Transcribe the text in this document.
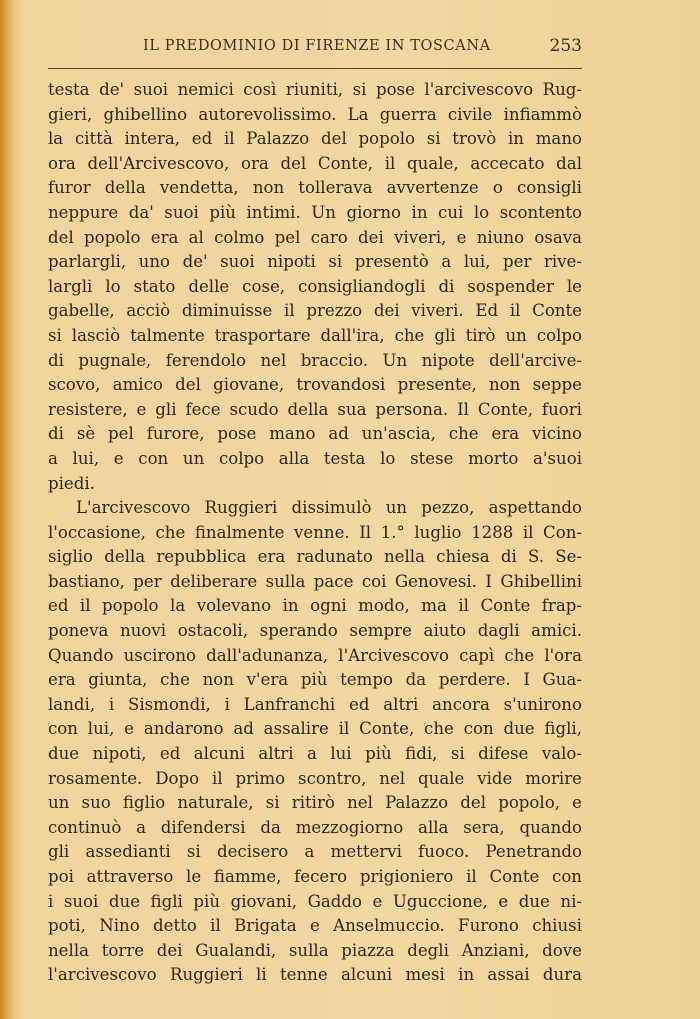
IL PREDOMINIO DI FIRENZE IN TOSCANA	253
testa de' suoi nemici così riuniti, si pose l'arcivescovo Rug-
gieri, ghibellino autorevolissimo. La guerra civile infiammò
la città intera, ed il Palazzo del popolo si trovò in mano
ora dell'Arcivescovo, ora del Conte, il quale, accecato dal
furor della vendetta, non tollerava avvertenze o consigli
neppure da' suoi più intimi. Un giorno in cui lo scontento
del popolo era al colmo pel caro dei viveri, e niuno osava
parlargli, uno de' suoi nipoti si presentò a lui, per rive-
largli lo stato delle cose, consigliandogli di sospender le
gabelle, acciò diminuisse il prezzo dei viveri. Ed il Conte
si lasciò talmente trasportare dall'ira, che gli tirò un colpo
di pugnale, ferendolo nel braccio. Un nipote dell'arcive-
scovo, amico del giovane, trovandosi presente, non seppe
resistere, e gli fece scudo della sua persona. Il Conte, fuori
di sè pel furore, pose mano ad un'ascia, che era vicino
a lui, e con un colpo alla testa lo stese morto a'suoi
piedi.
L'arcivescovo Ruggieri dissimulò un pezzo, aspettando
l'occasione, che finalmente venne. Il 1.° luglio 1288 il Con-
siglio della repubblica era radunato nella chiesa di S. Se-
bastiano, per deliberare sulla pace coi Genovesi. I Ghibellini
ed il popolo la volevano in ogni modo, ma il Conte frap-
poneva nuovi ostacoli, sperando sempre aiuto dagli amici.
Quando uscirono dall'adunanza, l'Arcivescovo capì che l'ora
era giunta, che non v'era più tempo da perdere. I Gua-
landi, i Sismondi, i Lanfranchi ed altri ancora s'unirono
con lui, e andarono ad assalire il Conte, che con due figli,
due nipoti, ed alcuni altri a lui più fidi, si difese valo-
rosamente. Dopo il primo scontro, nel quale vide morire
un suo figlio naturale, si ritirò nel Palazzo del popolo, e
continuò a difendersi da mezzogiorno alla sera, quando
gli assedianti si decisero a mettervi fuoco. Penetrando
poi attraverso le fiamme, fecero prigioniero il Conte con
i suoi due figli più giovani, Gaddo e Uguccione, e due ni-
poti, Nino detto il Brigata e Anselmuccio. Furono chiusi
nella torre dei Gualandi, sulla piazza degli Anziani, dove
l'arcivescovo Ruggieri li tenne alcuni mesi in assai dura
